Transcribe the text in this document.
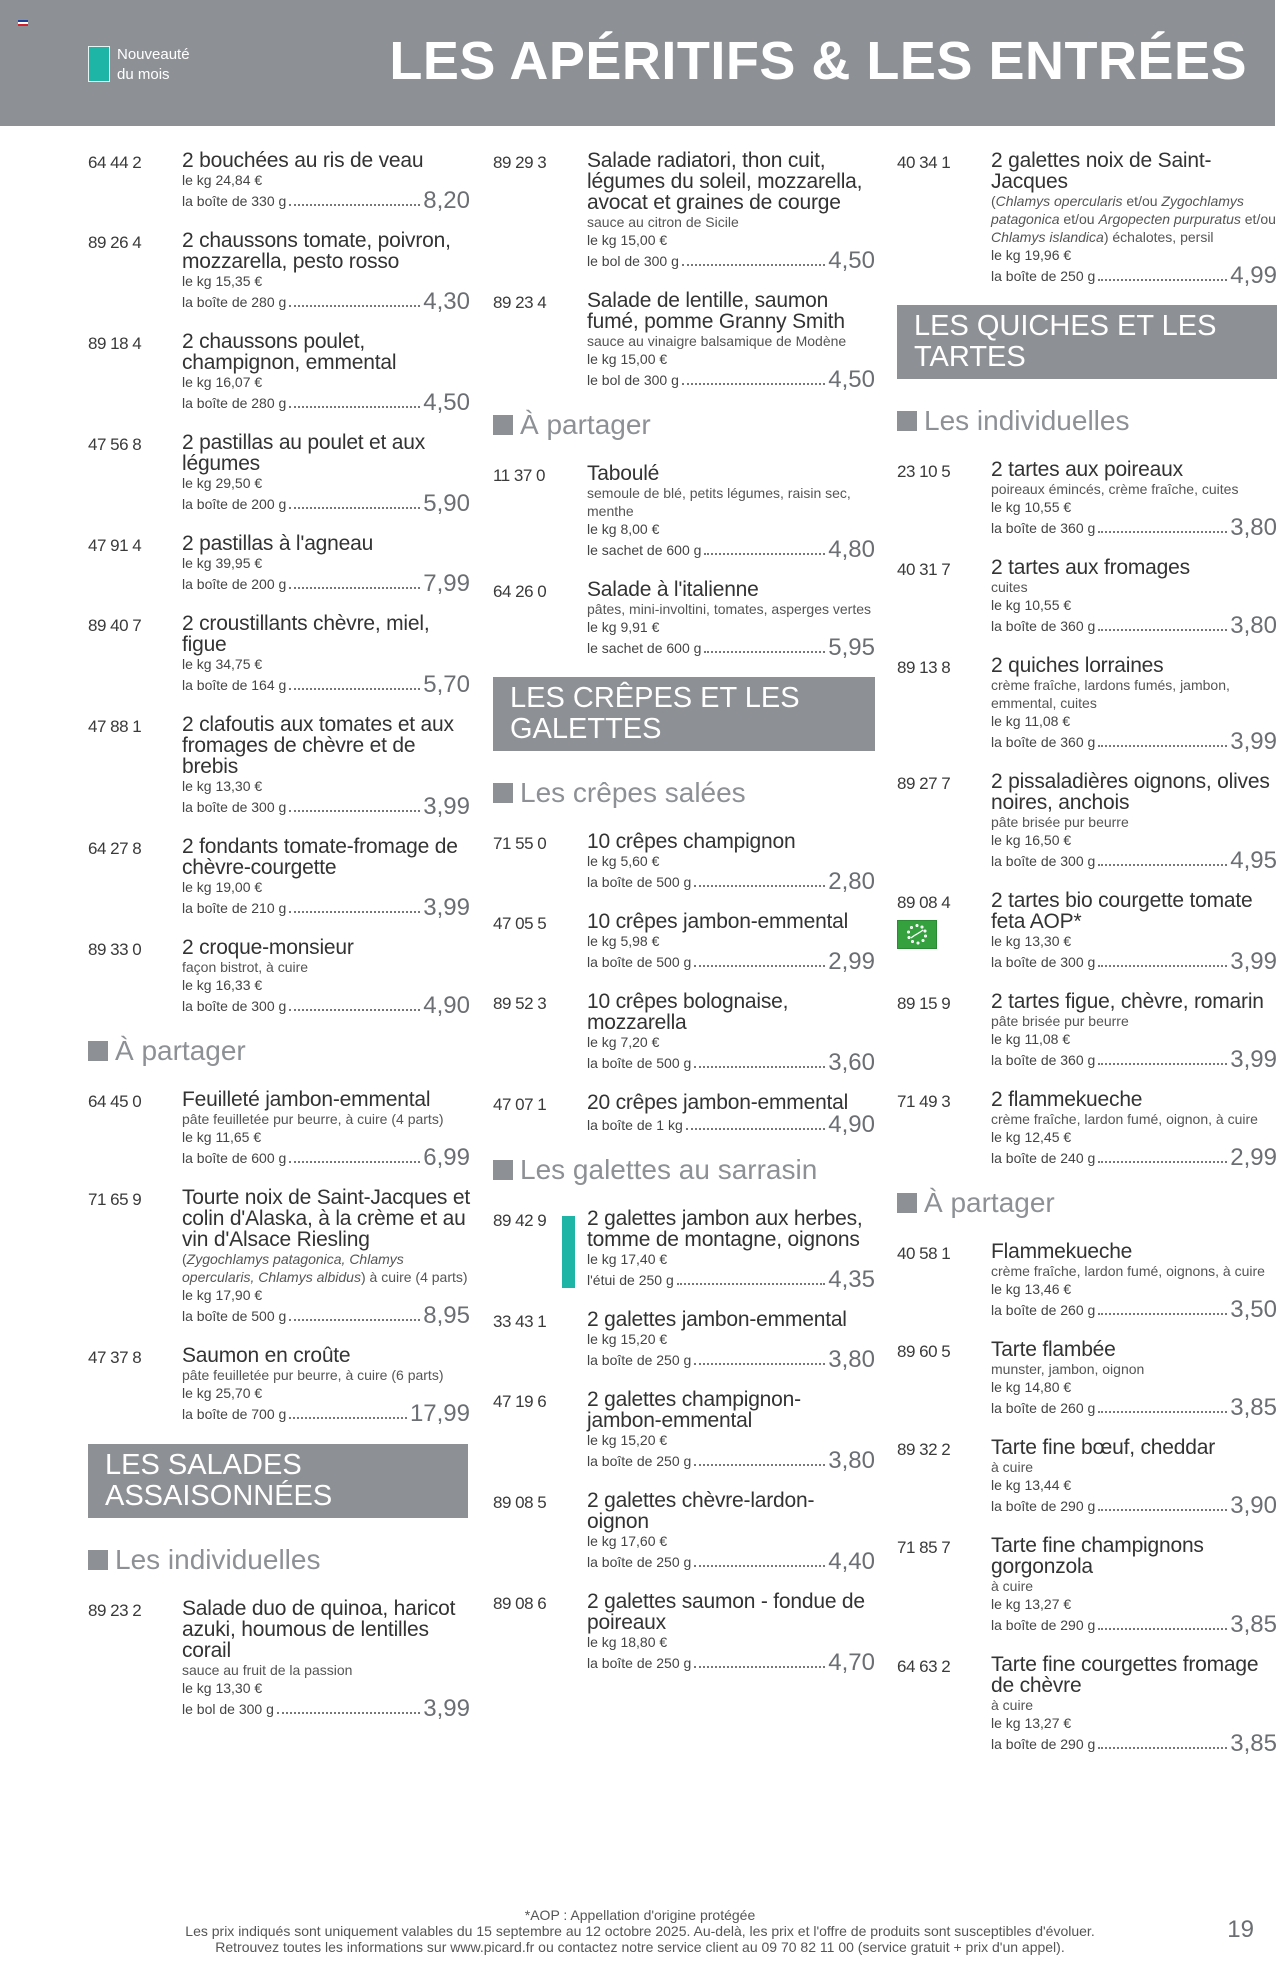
Nouveauté
du mois	LES APÉRITIFS & LES ENTRÉES
64 44 2 2 bouchées au ris de veau
le kg 24,84 €
la boîte de 330 g	8,20
89 26 4 2 chaussons tomate, poivron, mozzarella, pesto rosso
le kg 15,35 €
la boîte de 280 g	4,30
89 18 4 2 chaussons poulet, champignon, emmental
le kg 16,07 €
la boîte de 280 g	4,50
47 56 8 2 pastillas au poulet et aux légumes
le kg 29,50 €
la boîte de 200 g	5,90
47 91 4 2 pastillas à l'agneau
le kg 39,95 €
la boîte de 200 g	7,99
89 40 7 2 croustillants chèvre, miel, figue
le kg 34,75 €
la boîte de 164 g	5,70
47 88 1 2 clafoutis aux tomates et aux fromages de chèvre et de brebis
le kg 13,30 €
la boîte de 300 g	3,99
64 27 8 2 fondants tomate-fromage de chèvre-courgette
le kg 19,00 €
la boîte de 210 g	3,99
89 33 0 2 croque-monsieur
façon bistrot, à cuire
le kg 16,33 €
la boîte de 300 g	4,90
À partager
64 45 0 Feuilleté jambon-emmental
pâte feuilletée pur beurre, à cuire (4 parts)
le kg 11,65 €
la boîte de 600 g	6,99
71 65 9 Tourte noix de Saint-Jacques et colin d'Alaska, à la crème et au vin d'Alsace Riesling
(Zygochlamys patagonica, Chlamys opercularis, Chlamys albidus) à cuire (4 parts)
le kg 17,90 €
la boîte de 500 g	8,95
47 37 8 Saumon en croûte
pâte feuilletée pur beurre, à cuire (6 parts)
le kg 25,70 €
la boîte de 700 g	17,99
LES SALADES ASSAISONNÉES
Les individuelles
89 23 2 Salade duo de quinoa, haricot azuki, houmous de lentilles corail
sauce au fruit de la passion
le kg 13,30 €
le bol de 300 g	3,99
89 29 3 Salade radiatori, thon cuit, légumes du soleil, mozzarella, avocat et graines de courge
sauce au citron de Sicile
le kg 15,00 €
le bol de 300 g	4,50
89 23 4 Salade de lentille, saumon fumé, pomme Granny Smith
sauce au vinaigre balsamique de Modène
le kg 15,00 €
le bol de 300 g	4,50
À partager
11 37 0 Taboulé
semoule de blé, petits légumes, raisin sec, menthe
le kg 8,00 €
le sachet de 600 g	4,80
64 26 0 Salade à l'italienne
pâtes, mini-involtini, tomates, asperges vertes
le kg 9,91 €
le sachet de 600 g	5,95
LES CRÊPES ET LES GALETTES
Les crêpes salées
71 55 0 10 crêpes champignon
le kg 5,60 €
la boîte de 500 g	2,80
47 05 5 10 crêpes jambon-emmental
le kg 5,98 €
la boîte de 500 g	2,99
89 52 3 10 crêpes bolognaise, mozzarella
le kg 7,20 €
la boîte de 500 g	3,60
47 07 1 20 crêpes jambon-emmental
la boîte de 1 kg	4,90
Les galettes au sarrasin
89 42 9 2 galettes jambon aux herbes, tomme de montagne, oignons
le kg 17,40 €
l'étui de 250 g	4,35
33 43 1 2 galettes jambon-emmental
le kg 15,20 €
la boîte de 250 g	3,80
47 19 6 2 galettes champignon-jambon-emmental
le kg 15,20 €
la boîte de 250 g	3,80
89 08 5 2 galettes chèvre-lardon-oignon
le kg 17,60 €
la boîte de 250 g	4,40
89 08 6 2 galettes saumon - fondue de poireaux
le kg 18,80 €
la boîte de 250 g	4,70
40 34 1 2 galettes noix de Saint-Jacques
(Chlamys opercularis et/ou Zygochlamys patagonica et/ou Argopecten purpuratus et/ou Chlamys islandica) échalotes, persil
le kg 19,96 €
la boîte de 250 g	4,99
LES QUICHES ET LES TARTES
Les individuelles
23 10 5 2 tartes aux poireaux
poireaux émincés, crème fraîche, cuites
le kg 10,55 €
la boîte de 360 g	3,80
40 31 7 2 tartes aux fromages
cuites
le kg 10,55 €
la boîte de 360 g	3,80
89 13 8 2 quiches lorraines
crème fraîche, lardons fumés, jambon, emmental, cuites
le kg 11,08 €
la boîte de 360 g	3,99
89 27 7 2 pissaladières oignons, olives noires, anchois
pâte brisée pur beurre
le kg 16,50 €
la boîte de 300 g	4,95
89 08 4 2 tartes bio courgette tomate feta AOP*
le kg 13,30 €
la boîte de 300 g	3,99
89 15 9 2 tartes figue, chèvre, romarin
pâte brisée pur beurre
le kg 11,08 €
la boîte de 360 g	3,99
71 49 3 2 flammekueche
crème fraîche, lardon fumé, oignon, à cuire
le kg 12,45 €
la boîte de 240 g	2,99
À partager
40 58 1 Flammekueche
crème fraîche, lardon fumé, oignons, à cuire
le kg 13,46 €
la boîte de 260 g	3,50
89 60 5 Tarte flambée
munster, jambon, oignon
le kg 14,80 €
la boîte de 260 g	3,85
89 32 2 Tarte fine bœuf, cheddar
à cuire
le kg 13,44 €
la boîte de 290 g	3,90
71 85 7 Tarte fine champignons gorgonzola
à cuire
le kg 13,27 €
la boîte de 290 g	3,85
64 63 2 Tarte fine courgettes fromage de chèvre
à cuire
le kg 13,27 €
la boîte de 290 g	3,85
*AOP : Appellation d'origine protégée
Les prix indiqués sont uniquement valables du 15 septembre au 12 octobre 2025. Au-delà, les prix et l'offre de produits sont susceptibles d'évoluer.
Retrouvez toutes les informations sur www.picard.fr ou contactez notre service client au 09 70 82 11 00 (service gratuit + prix d'un appel).
19
